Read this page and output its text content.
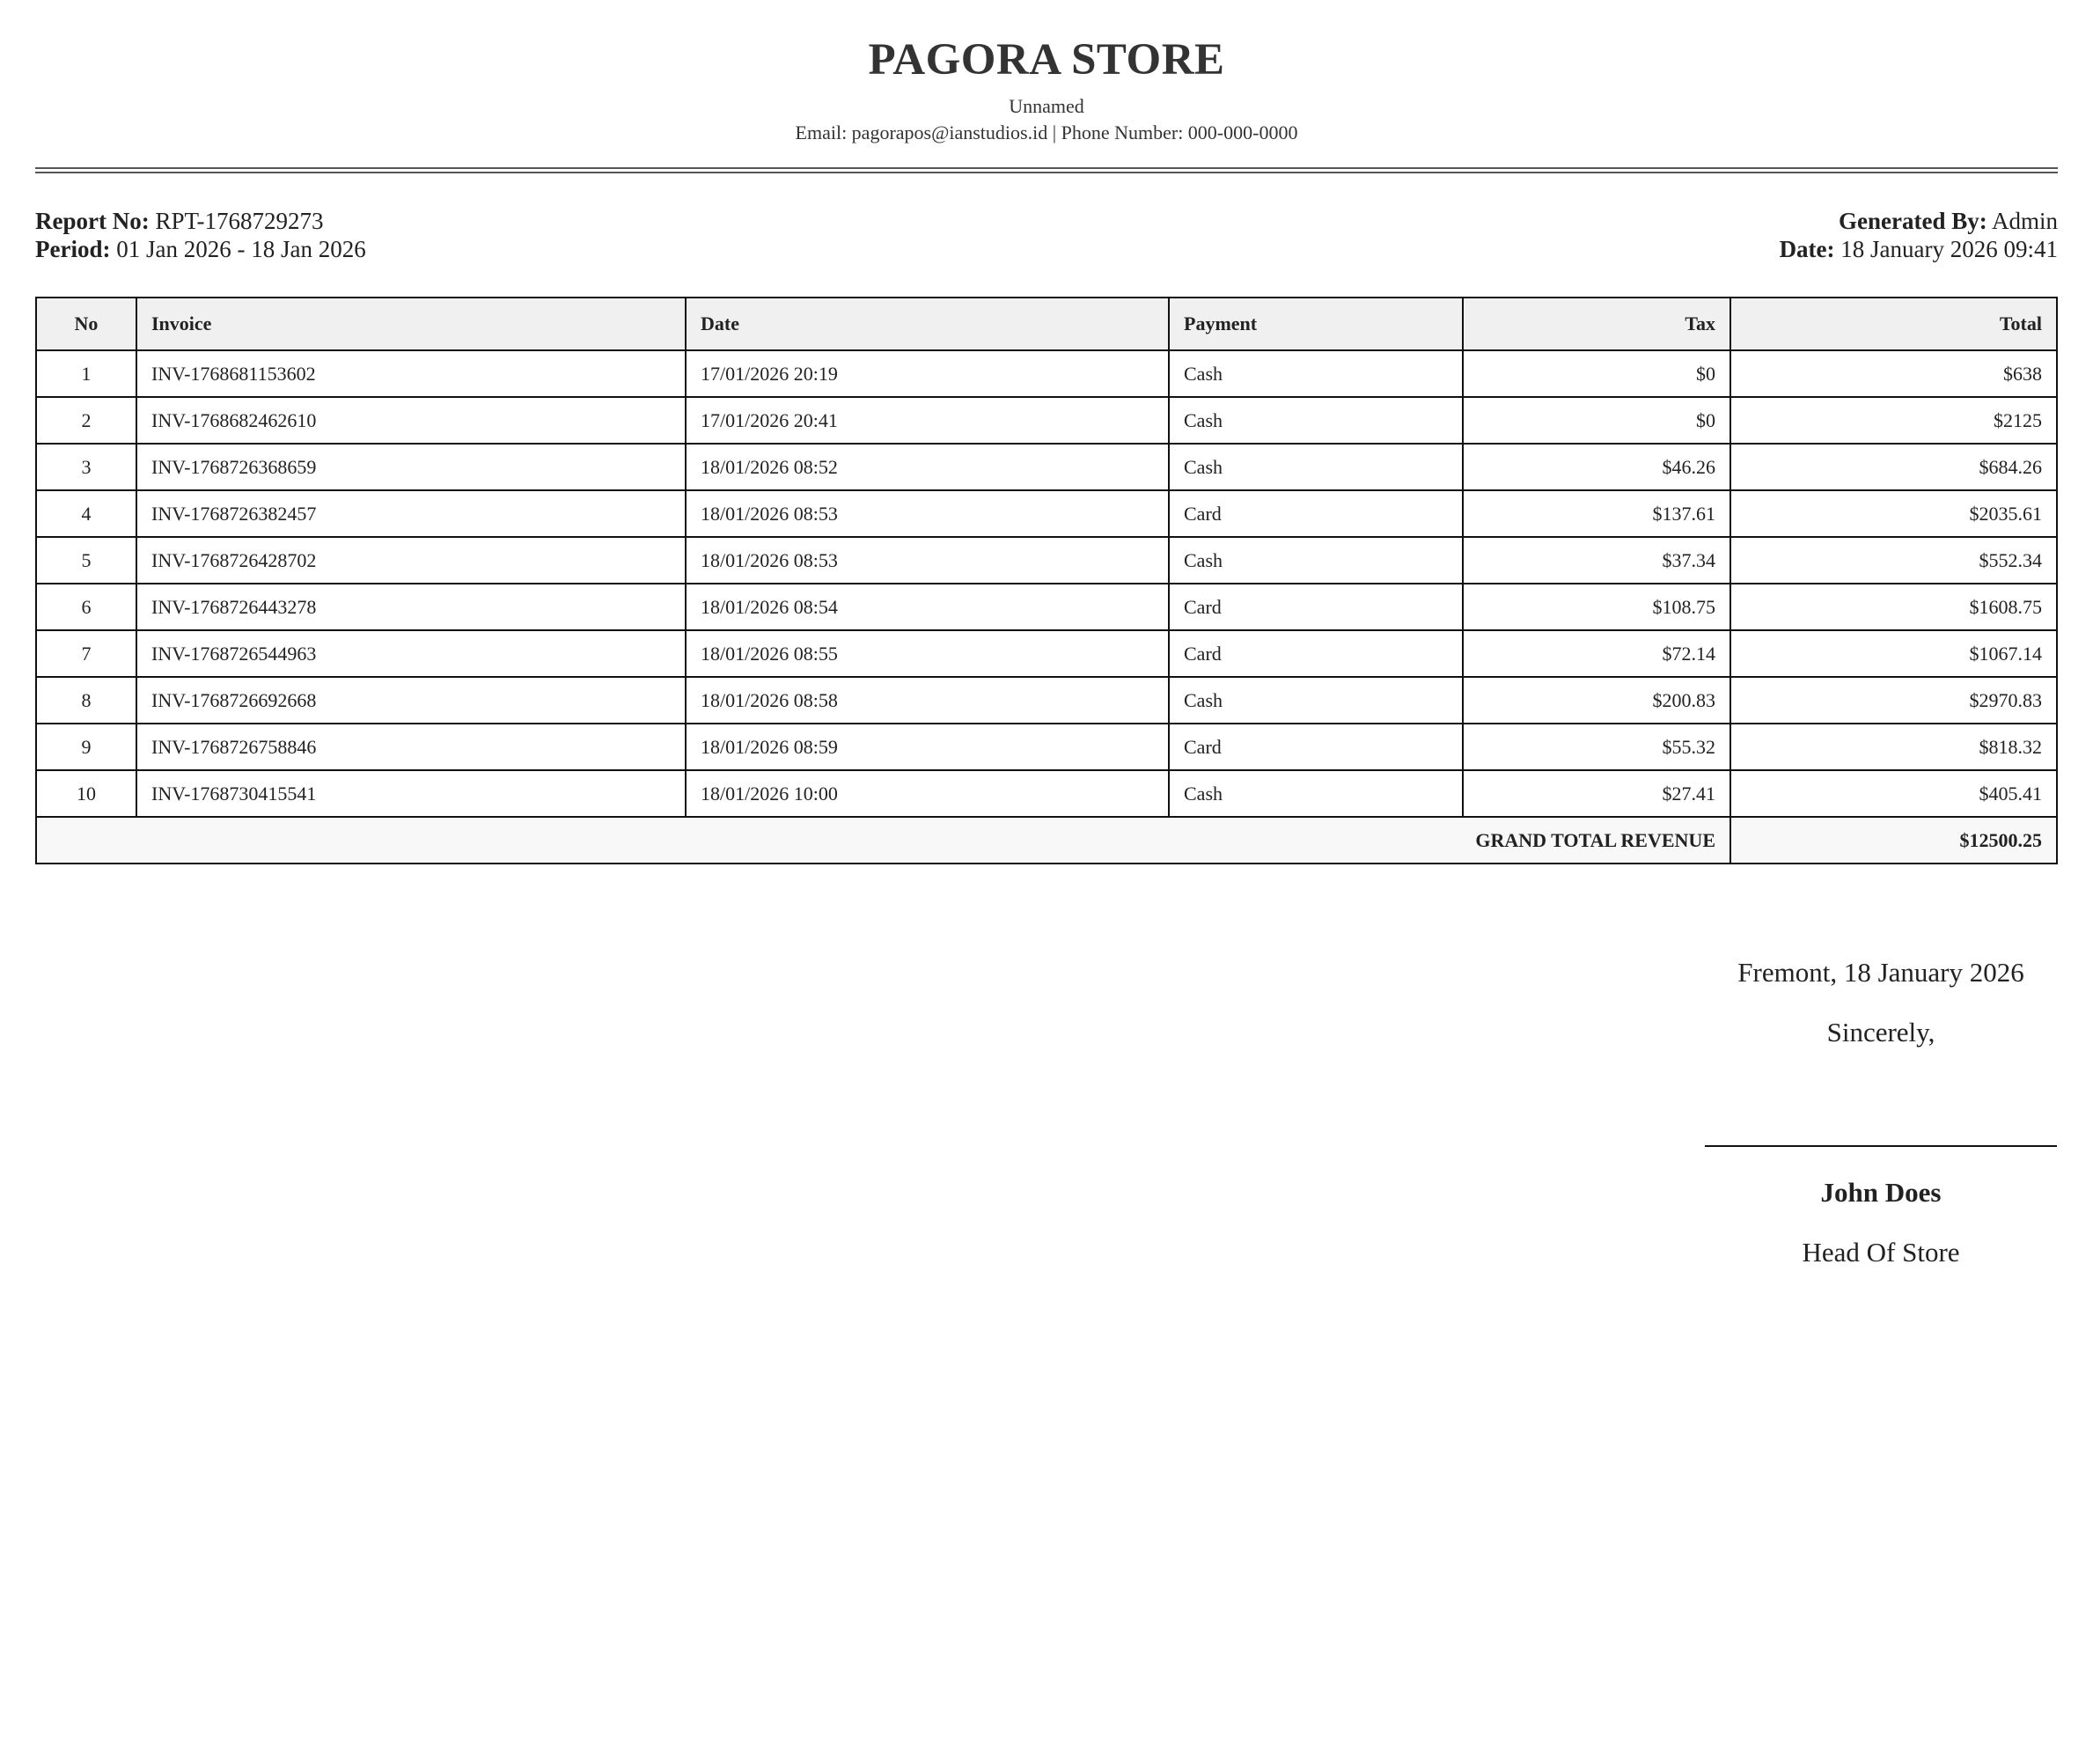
PAGORA STORE
Unnamed
Email: pagorapos@ianstudios.id | Phone Number: 000-000-0000
Report No: RPT-1768729273
Period: 01 Jan 2026 - 18 Jan 2026
Generated By: Admin
Date: 18 January 2026 09:41
No	Invoice	Date	Payment	Tax	Total
1	INV-1768681153602	17/01/2026 20:19	Cash	$0	$638
2	INV-1768682462610	17/01/2026 20:41	Cash	$0	$2125
3	INV-1768726368659	18/01/2026 08:52	Cash	$46.26	$684.26
4	INV-1768726382457	18/01/2026 08:53	Card	$137.61	$2035.61
5	INV-1768726428702	18/01/2026 08:53	Cash	$37.34	$552.34
6	INV-1768726443278	18/01/2026 08:54	Card	$108.75	$1608.75
7	INV-1768726544963	18/01/2026 08:55	Card	$72.14	$1067.14
8	INV-1768726692668	18/01/2026 08:58	Cash	$200.83	$2970.83
9	INV-1768726758846	18/01/2026 08:59	Card	$55.32	$818.32
10	INV-1768730415541	18/01/2026 10:00	Cash	$27.41	$405.41
GRAND TOTAL REVENUE					$12500.25
Fremont, 18 January 2026
Sincerely,
John Does
Head Of Store
